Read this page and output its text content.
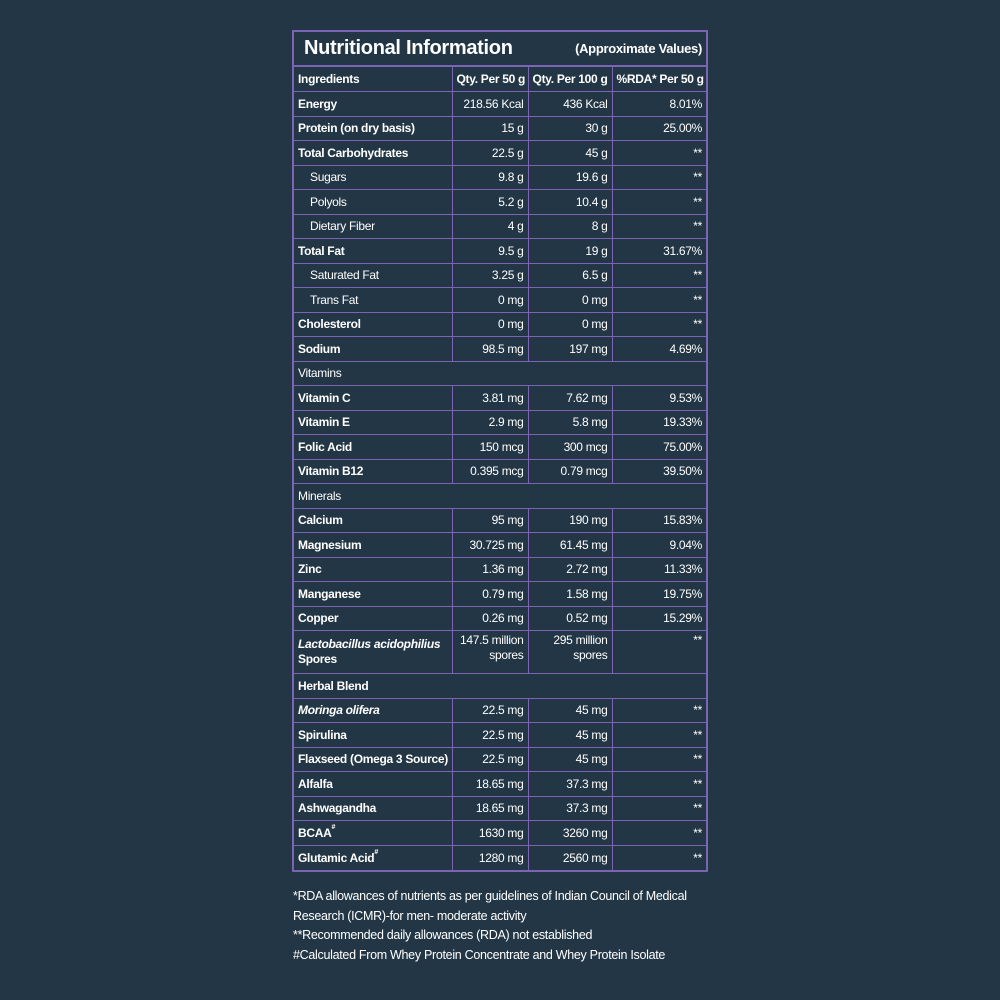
Nutritional Information	(Approximate Values)
Ingredients	Qty. Per 50 g	Qty. Per 100 g	%RDA* Per 50 g
Energy	218.56 Kcal	436 Kcal	8.01%
Protein (on dry basis)	15 g	30 g	25.00%
Total Carbohydrates	22.5 g	45 g	**
Sugars	9.8 g	19.6 g	**
Polyols	5.2 g	10.4 g	**
Dietary Fiber	4 g	8 g	**
Total Fat	9.5 g	19 g	31.67%
Saturated Fat	3.25 g	6.5 g	**
Trans Fat	0 mg	0 mg	**
Cholesterol	0 mg	0 mg	**
Sodium	98.5 mg	197 mg	4.69%
Vitamins			
Vitamin C	3.81 mg	7.62 mg	9.53%
Vitamin E	2.9 mg	5.8 mg	19.33%
Folic Acid	150 mcg	300 mcg	75.00%
Vitamin B12	0.395 mcg	0.79 mcg	39.50%
Minerals			
Calcium	95 mg	190 mg	15.83%
Magnesium	30.725 mg	61.45 mg	9.04%
Zinc	1.36 mg	2.72 mg	11.33%
Manganese	0.79 mg	1.58 mg	19.75%
Copper	0.26 mg	0.52 mg	15.29%
Lactobacillus acidophilius Spores	147.5 million spores	295 million spores	**
Herbal Blend			
Moringa olifera	22.5 mg	45 mg	**
Spirulina	22.5 mg	45 mg	**
Flaxseed (Omega 3 Source)	22.5 mg	45 mg	**
Alfalfa	18.65 mg	37.3 mg	**
Ashwagandha	18.65 mg	37.3 mg	**
BCAA#	1630 mg	3260 mg	**
Glutamic Acid#	1280 mg	2560 mg	**

*RDA allowances of nutrients as per guidelines of Indian Council of Medical

Research (ICMR)-for men- moderate activity

**Recommended daily allowances (RDA) not established

#Calculated From Whey Protein Concentrate and Whey Protein Isolate
